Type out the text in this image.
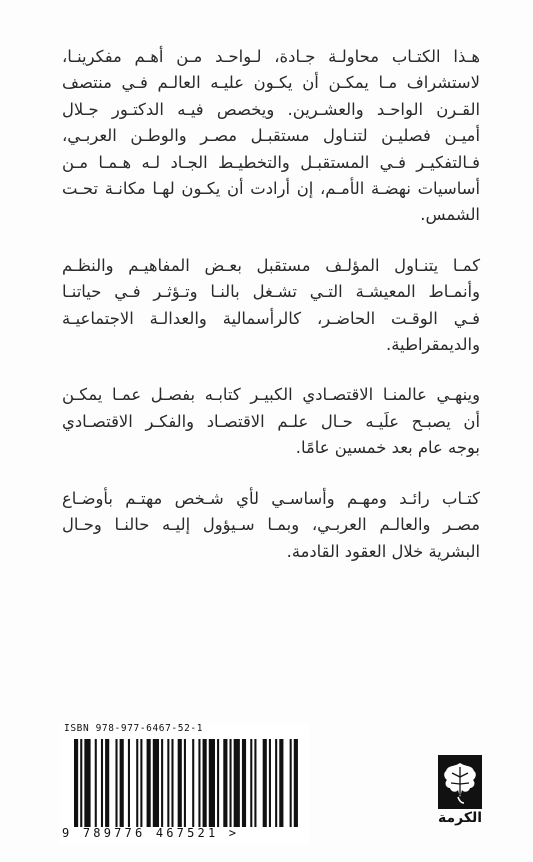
هـذا الكتـاب محاولـة جـادة، لـواحـد مـن أهـم مفكرينـا،
لاستشراف مـا يمكـن أن يكـون عليـه العالـم فـي منتصف
القـرن الواحـد والعشـرين. ويخصص فيـه الدكتـور جـلال
أميـن فصليـن لتنـاول مستقبـل مصـر والوطـن العربـي،
فـالتفكيـر فـي المستقبـل والتخطيـط الجـاد لـه هـمـا مـن
أساسيات نهضـة الأمـم، إن أرادت أن يكـون لهـا مكانـة تحـت
الشمس.

كمـا يتنـاول المؤلـف مستقبل بعـض المفاهيـم والنظـم
وأنمـاط المعيشـة التـي تشـغل بالنـا وتـؤثـر فـي حياتنـا
فـي الوقـت الحاضـر، كالرأسمالية والعدالـة الاجتماعيـة
والديمقراطية.

وينهـي عالمنـا الاقتصـادي الكبيـر كتابـه بفصـل عمـا يمكـن
أن يصبـح علَيـه حـال علـم الاقتصـاد والفكـر الاقتصـادي
بوجه عام بعد خمسين عامًا.

كتـاب رائـد ومهـم وأساسـي لأي شـخص مهتـم بأوضـاع
مصـر والعالـم العربـي، وبمـا سـيؤول إليـه حالنـا وحـال
البشرية خلال العقود القادمة.

ISBN 978-977-6467-52-1
9 789776 467521 >
الكرمة
